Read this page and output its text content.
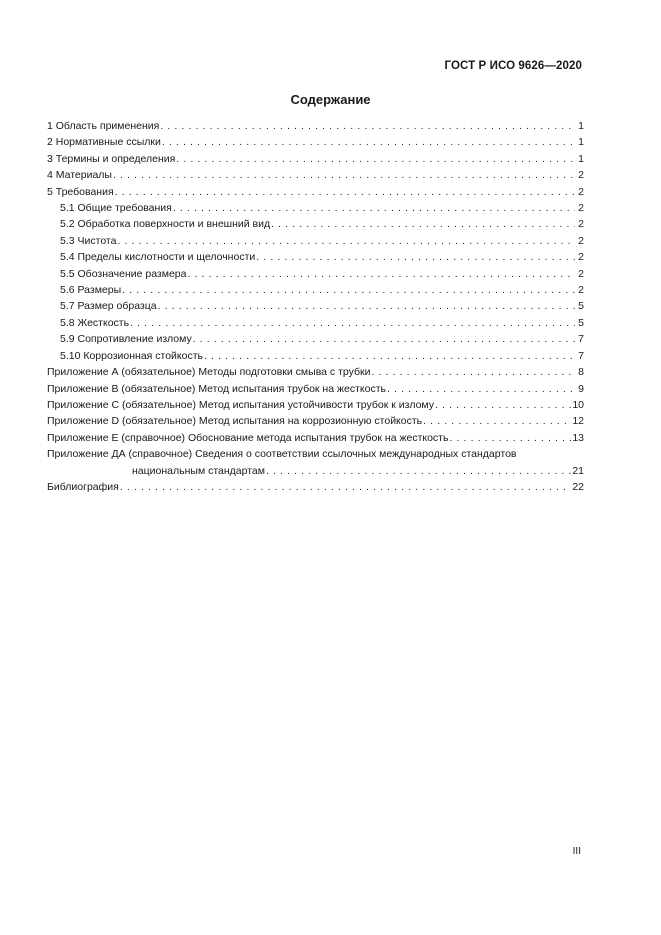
ГОСТ Р ИСО 9626—2020
Содержание
1 Область применения . . .	1
2 Нормативные ссылки . . .	1
3 Термины и определения . . .	1
4 Материалы . . .	2
5 Требования . . .	2
5.1 Общие требования . . .	2
5.2 Обработка поверхности и внешний вид . . .	2
5.3 Чистота . . .	2
5.4 Пределы кислотности и щелочности . . .	2
5.5 Обозначение размера . . .	2
5.6 Размеры . . .	2
5.7 Размер образца . . .	5
5.8 Жесткость . . .	5
5.9 Сопротивление излому . . .	7
5.10 Коррозионная стойкость . . .	7
Приложение А (обязательное) Методы подготовки смыва с трубки . . .	8
Приложение В (обязательное) Метод испытания трубок на жесткость . . .	9
Приложение С (обязательное) Метод испытания устойчивости трубок к излому . . .	10
Приложение D (обязательное) Метод испытания на коррозионную стойкость . . .	12
Приложение Е (справочное) Обоснование метода испытания трубок на жесткость . . .	13
Приложение ДА (справочное) Сведения о соответствии ссылочных международных стандартов
национальным стандартам . . .	21
Библиография . . .	22
III
